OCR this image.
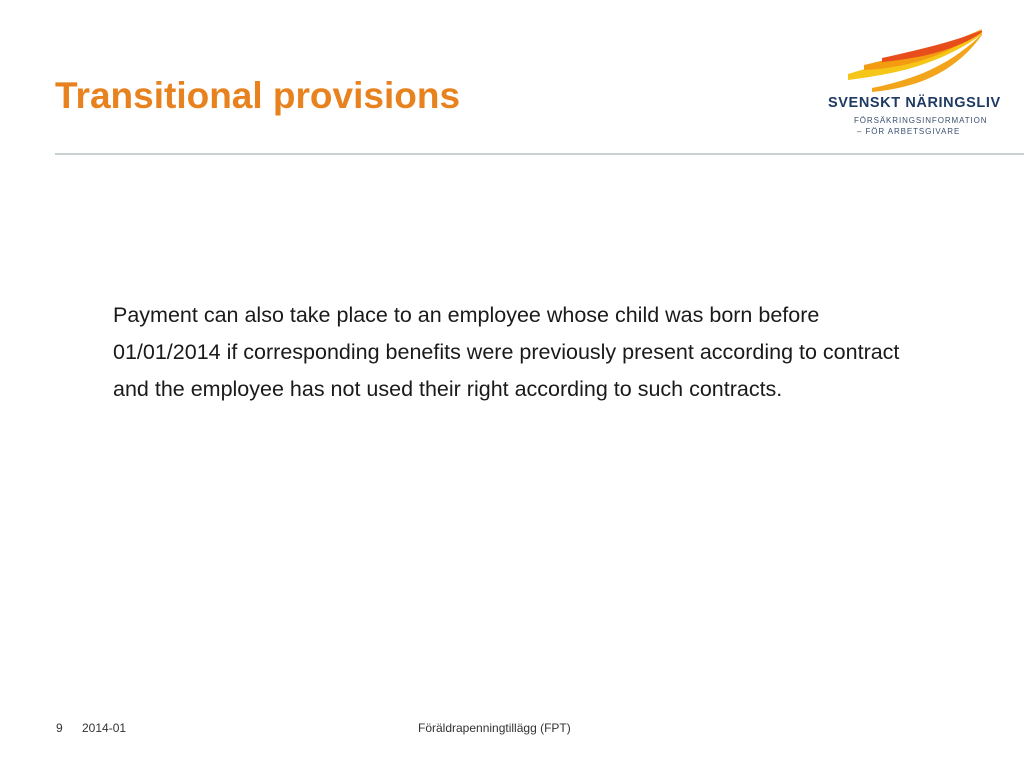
Transitional provisions	SVENSKT NÄRINGSLIV
FÖRSÄKRINGSINFORMATION
– FÖR ARBETSGIVARE

Payment can also take place to an employee whose child was born before 01/01/2014 if corresponding benefits were previously present according to contract and the employee has not used their right according to such contracts.

9 2014-01	Föräldrapenningtillägg (FPT)
